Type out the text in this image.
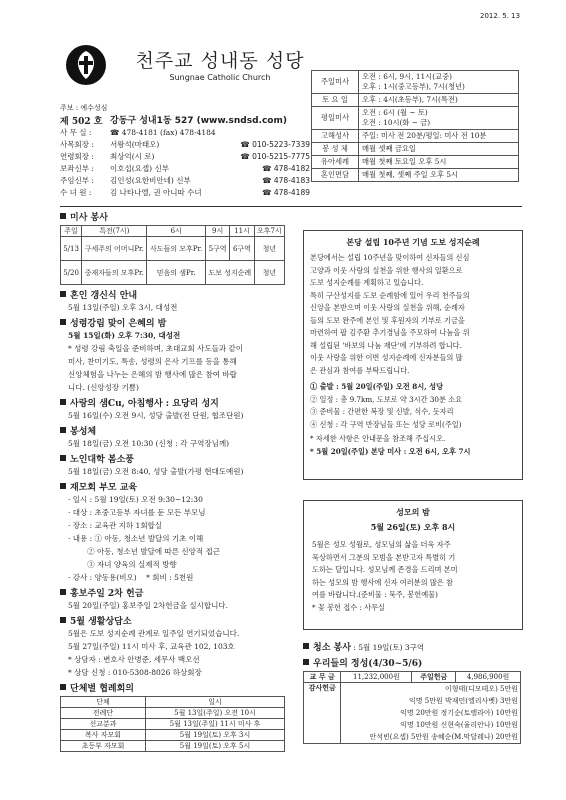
2012. 5. 13
천주교 성내동 성당
Sungnae Catholic Church
주보 : 예수성심
제 502 호 강동구 성내1동 527 (www.sndsd.com)
사 무 실 :	☎ 478-4181 (fax) 478-4184
사목회장 :	서왕석(마태오)	☎ 010-5223-7339
연령회장 :	최상억(시 로)	☎ 010-5215-7775
보좌신부 :	이호섭(요셉) 신부	☎ 478-4182
주임신부 :	김인성(요한비안네) 신부	☎ 478-4183
수 녀 원 :	김 나타나엘, 권 아니따 수녀	☎ 478-4189
주일미사	오전 : 6시, 9시, 11시(교중)
오후 : 1시(중고등부), 7시(청년)

토 요 일	오후 : 4시(초등부), 7시(특전)
평일미사	오전 : 6시 (월 ~ 토)
오전 : 10시(화 ~ 금)

고해성사	주일: 미사 전 20분/평일: 미사 전 10분
봉 성 체	매월 셋째 금요일
유아세례	매월 첫째 토요일 오후 5시
혼인면담	매월 첫째, 셋째 주일 오후 5시
미사 봉사
주일	특전(7시)	6시	9시	11시	오후7시
5/13	구세주의 어머니Pr.	사도들의 모후Pr.	5구역	6구역	청년
5/20	중재자들의 모후Pr.	믿음의 샘Pr.	도보 성지순례		청년
혼인 갱신식 안내
5월 13일(주일) 오후 3시, 대성전
성령강림 맞이 은혜의 밤
5월 15일(화) 오후 7:30, 대성전
* 성령 강림 축일을 준비하며, 초대교회 사도들과 같이
미사, 찬미기도, 특송, 성령의 은사 기프를 등을 통해
신앙체험을 나누는 은혜의 밤 행사에 많은 참여 바랍
니다. (신앙성장 기쁨)
사랑의 샘Cu, 아침행사 : 요당리 성지
5월 16일(수) 오전 9시, 성당 출발(전 단원, 협조단원)
봉성체
5월 18일(금) 오전 10:30 (신청 : 각 구역장님께)
노인대학 봄소풍
5월 18일(금) 오전 8:40, 성당 출발(가평 현대도예원)
재모회 부모 교육
· 일시 : 5월 19일(토) 오전 9:30~12:30
· 대상 : 초중고등부 자녀를 둔 모든 부모님
· 장소 : 교육관 지하 1회합실
· 내용 : ① 아동, 청소년 발달의 기초 이해
② 아동, 청소년 발달에 따른 신앙적 접근
③ 자녀 양육의 실제적 방향
· 강사 : 양동용(비오)    * 회비 : 5천원
홍보주일 2차 헌금
5월 20일(주일) 홍보주일 2차헌금을 실시합니다.
5월 생활상담소
5월은 도보 성지순례 관계로 일주일 연기되었습니다.
5월 27일(주일) 11시 미사 후, 교육관 102, 103호
* 상담자 : 변호사 안병준, 세무사 백오선
* 상담 신청 : 010-5308-8026 하상회장
단체별 협례회의
단체	일시
전례단	5월 13일(주일) 오전 10시
선교분과	5월 13일(주일) 11시 미사 후
복사 자모회	5월 19일(토) 오후 3시
초등부 자모회	5월 19일(토) 오후 5시
본당 설립 10주년 기념 도보 성지순례
본당에서는 설립 10주년을 맞이하여 신자들의 신심
고양과 이웃 사랑의 실천을 위한 행사의 일환으로
도보 성지순례를 계획하고 있습니다.
특히 구산성지를 도보 순례함에 있어 우리 천주들의
신앙을 본받으며 이웃 사랑의 실천을 위해, 순례자
들의 도보 완주에 본인 및 후원자의 기부로 기금을
마련하여 팝 김주환 추기경님을 주모하여 나눔을 위
해 설립된 '바보의 나눔 재단'에 기부하려 합니다.
이웃 사랑을 위한 이번 성지순례에 신자분들의 많
은 관심과 참여를 부탁드립니다.
① 출발 : 5월 20일(주일) 오전 8시, 성당
② 일정 : 총 9.7km, 도보로 약 3시간 30분 소요
③ 준비물 : 간편한 복장 및 신발, 식수, 돗자리
④ 신청 : 각 구역 반장님들 또는 성당 로비(주일)
* 자세한 사항은 안내문을 참조해 주십시오.
* 5월 20일(주일) 본당 미사 : 오전 6시, 오후 7시
성모의 밤
5월 26일(토) 오후 8시
5월은 성모 성월로, 성모님의 삶을 더욱 자주
묵상하면서 그분의 모범을 본받고자 특별히 기
도하는 달입니다. 성모님께 존경을 드리며 본미
하는 성모의 밤 행사에 신자 여러분의 많은 참
여를 바랍니다.(준비물 : 묵주, 봉헌예물)
* 꽃 봉헌 접수 : 사무실
청소 봉사 : 5월 19일(토) 3구역
우리들의 정성(4/30~5/6)
교 무 금	11,232,000원	주일헌금	4,986,900원
감사헌금	이형태(디모테오) 5만원
익명 5만원 박재민(엘리사벳) 3만원
익명 20만원 정기순(토렐라아) 10만원
익명 10만원 신현숙(율리안나) 10만원
안석빈(요셉) 5만원 송혜순(M.막달레나) 20만원		
